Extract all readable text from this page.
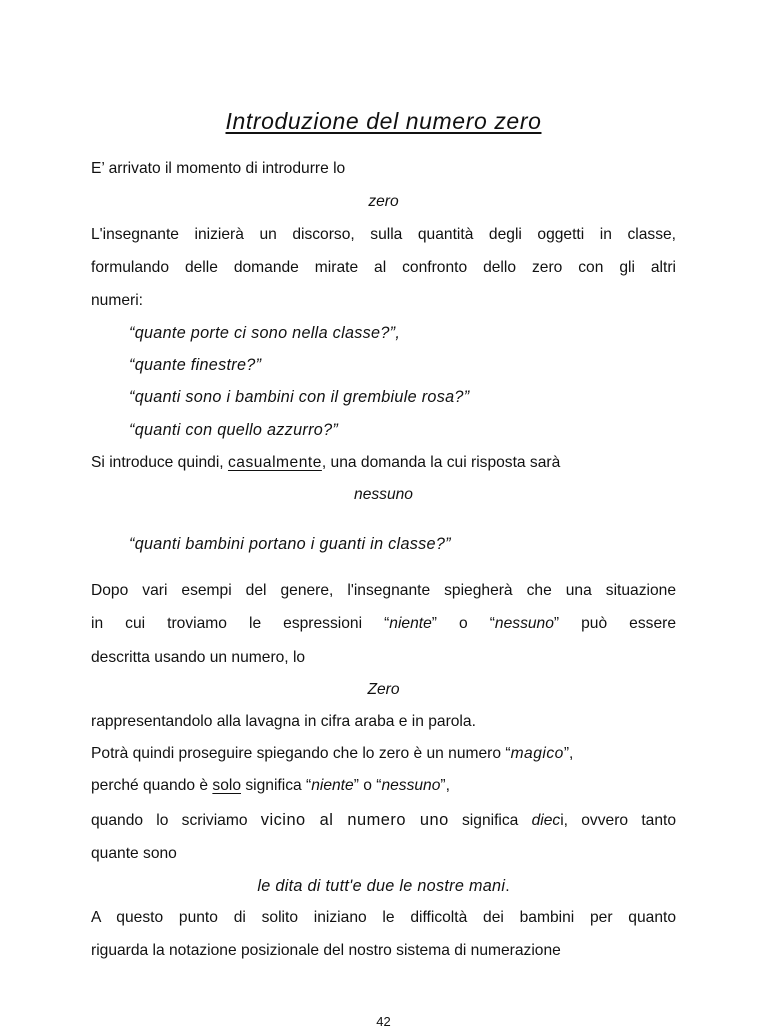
Introduzione del numero zero
E’ arrivato il momento di introdurre lo
zero
L'insegnante inizierà un discorso, sulla quantità degli oggetti in classe,
formulando delle domande mirate al confronto dello zero con gli altri
numeri:
“quante porte ci sono nella classe?”,
“quante finestre?”
“quanti sono i bambini con il grembiule rosa?”
“quanti con quello azzurro?”
Si introduce quindi, casualmente, una domanda la cui risposta sarà
nessuno
“quanti bambini portano i guanti in classe?”
Dopo vari esempi del genere, l'insegnante spiegherà che una situazione
in cui troviamo le espressioni “niente” o “nessuno” può essere
descritta usando un numero, lo
Zero
rappresentandolo alla lavagna in cifra araba e in parola.
Potrà quindi proseguire spiegando che lo zero è un numero “magico”,
perché quando è solo significa “niente” o “nessuno”,
quando lo scriviamo vicino al numero uno significa dieci, ovvero tanto
quante sono
le dita di tutt'e due le nostre mani.
A questo punto di solito iniziano le difficoltà dei bambini per quanto
riguarda la notazione posizionale del nostro sistema di numerazione
42
